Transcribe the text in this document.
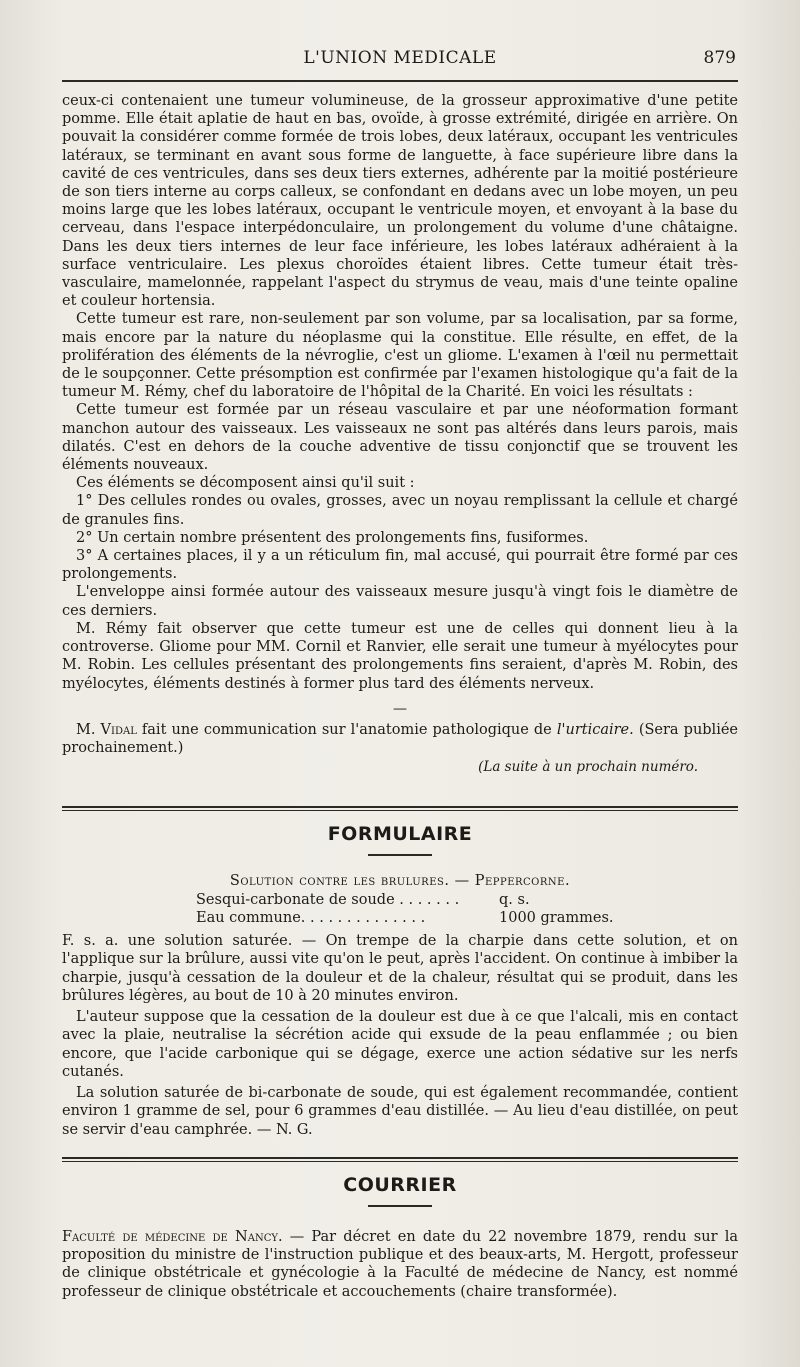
L'UNION MEDICALE	879

ceux-ci contenaient une tumeur volumineuse, de la grosseur approximative d'une petite pomme. Elle était aplatie de haut en bas, ovoïde, à grosse extrémité, dirigée en arrière. On pouvait la considérer comme formée de trois lobes, deux latéraux, occupant les ventricules latéraux, se terminant en avant sous forme de languette, à face supérieure libre dans la cavité de ces ventricules, dans ses deux tiers externes, adhérente par la moitié postérieure de son tiers interne au corps calleux, se confondant en dedans avec un lobe moyen, un peu moins large que les lobes latéraux, occupant le ventricule moyen, et envoyant à la base du cerveau, dans l'espace interpédonculaire, un prolongement du volume d'une châtaigne. Dans les deux tiers internes de leur face inférieure, les lobes latéraux adhéraient à la surface ventriculaire. Les plexus choroïdes étaient libres. Cette tumeur était très-vasculaire, mamelonnée, rappelant l'aspect du strymus de veau, mais d'une teinte opaline et couleur hortensia.

Cette tumeur est rare, non-seulement par son volume, par sa localisation, par sa forme, mais encore par la nature du néoplasme qui la constitue. Elle résulte, en effet, de la prolifération des éléments de la névroglie, c'est un gliome. L'examen à l'œil nu permettait de le soupçonner. Cette présomption est confirmée par l'examen histologique qu'a fait de la tumeur M. Rémy, chef du laboratoire de l'hôpital de la Charité. En voici les résultats :

Cette tumeur est formée par un réseau vasculaire et par une néoformation formant manchon autour des vaisseaux. Les vaisseaux ne sont pas altérés dans leurs parois, mais dilatés. C'est en dehors de la couche adventive de tissu conjonctif que se trouvent les éléments nouveaux.

Ces éléments se décomposent ainsi qu'il suit :

1° Des cellules rondes ou ovales, grosses, avec un noyau remplissant la cellule et chargé de granules fins.

2° Un certain nombre présentent des prolongements fins, fusiformes.

3° A certaines places, il y a un réticulum fin, mal accusé, qui pourrait être formé par ces prolongements.

L'enveloppe ainsi formée autour des vaisseaux mesure jusqu'à vingt fois le diamètre de ces derniers.

M. Rémy fait observer que cette tumeur est une de celles qui donnent lieu à la controverse. Gliome pour MM. Cornil et Ranvier, elle serait une tumeur à myélocytes pour M. Robin. Les cellules présentant des prolongements fins seraient, d'après M. Robin, des myélocytes, éléments destinés à former plus tard des éléments nerveux.

—

M. Vidal fait une communication sur l'anatomie pathologique de l'urticaire. (Sera publiée prochainement.)

(La suite à un prochain numéro.
FORMULAIRE

Solution contre les brulures. — Peppercorne.

Sesqui-carbonate de soude . . . . . . .	q. s.
Eau commune. . . . . . . . . . . . . .	1000 grammes.

F. s. a. une solution saturée. — On trempe de la charpie dans cette solution, et on l'applique sur la brûlure, aussi vite qu'on le peut, après l'accident. On continue à imbiber la charpie, jusqu'à cessation de la douleur et de la chaleur, résultat qui se produit, dans les brûlures légères, au bout de 10 à 20 minutes environ.

L'auteur suppose que la cessation de la douleur est due à ce que l'alcali, mis en contact avec la plaie, neutralise la sécrétion acide qui exsude de la peau enflammée ; ou bien encore, que l'acide carbonique qui se dégage, exerce une action sédative sur les nerfs cutanés.

La solution saturée de bi-carbonate de soude, qui est également recommandée, contient environ 1 gramme de sel, pour 6 grammes d'eau distillée. — Au lieu d'eau distillée, on peut se servir d'eau camphrée. — N. G.

COURRIER

Faculté de médecine de Nancy. — Par décret en date du 22 novembre 1879, rendu sur la proposition du ministre de l'instruction publique et des beaux-arts, M. Hergott, professeur de clinique obstétricale et gynécologie à la Faculté de médecine de Nancy, est nommé professeur de clinique obstétricale et accouchements (chaire transformée).
